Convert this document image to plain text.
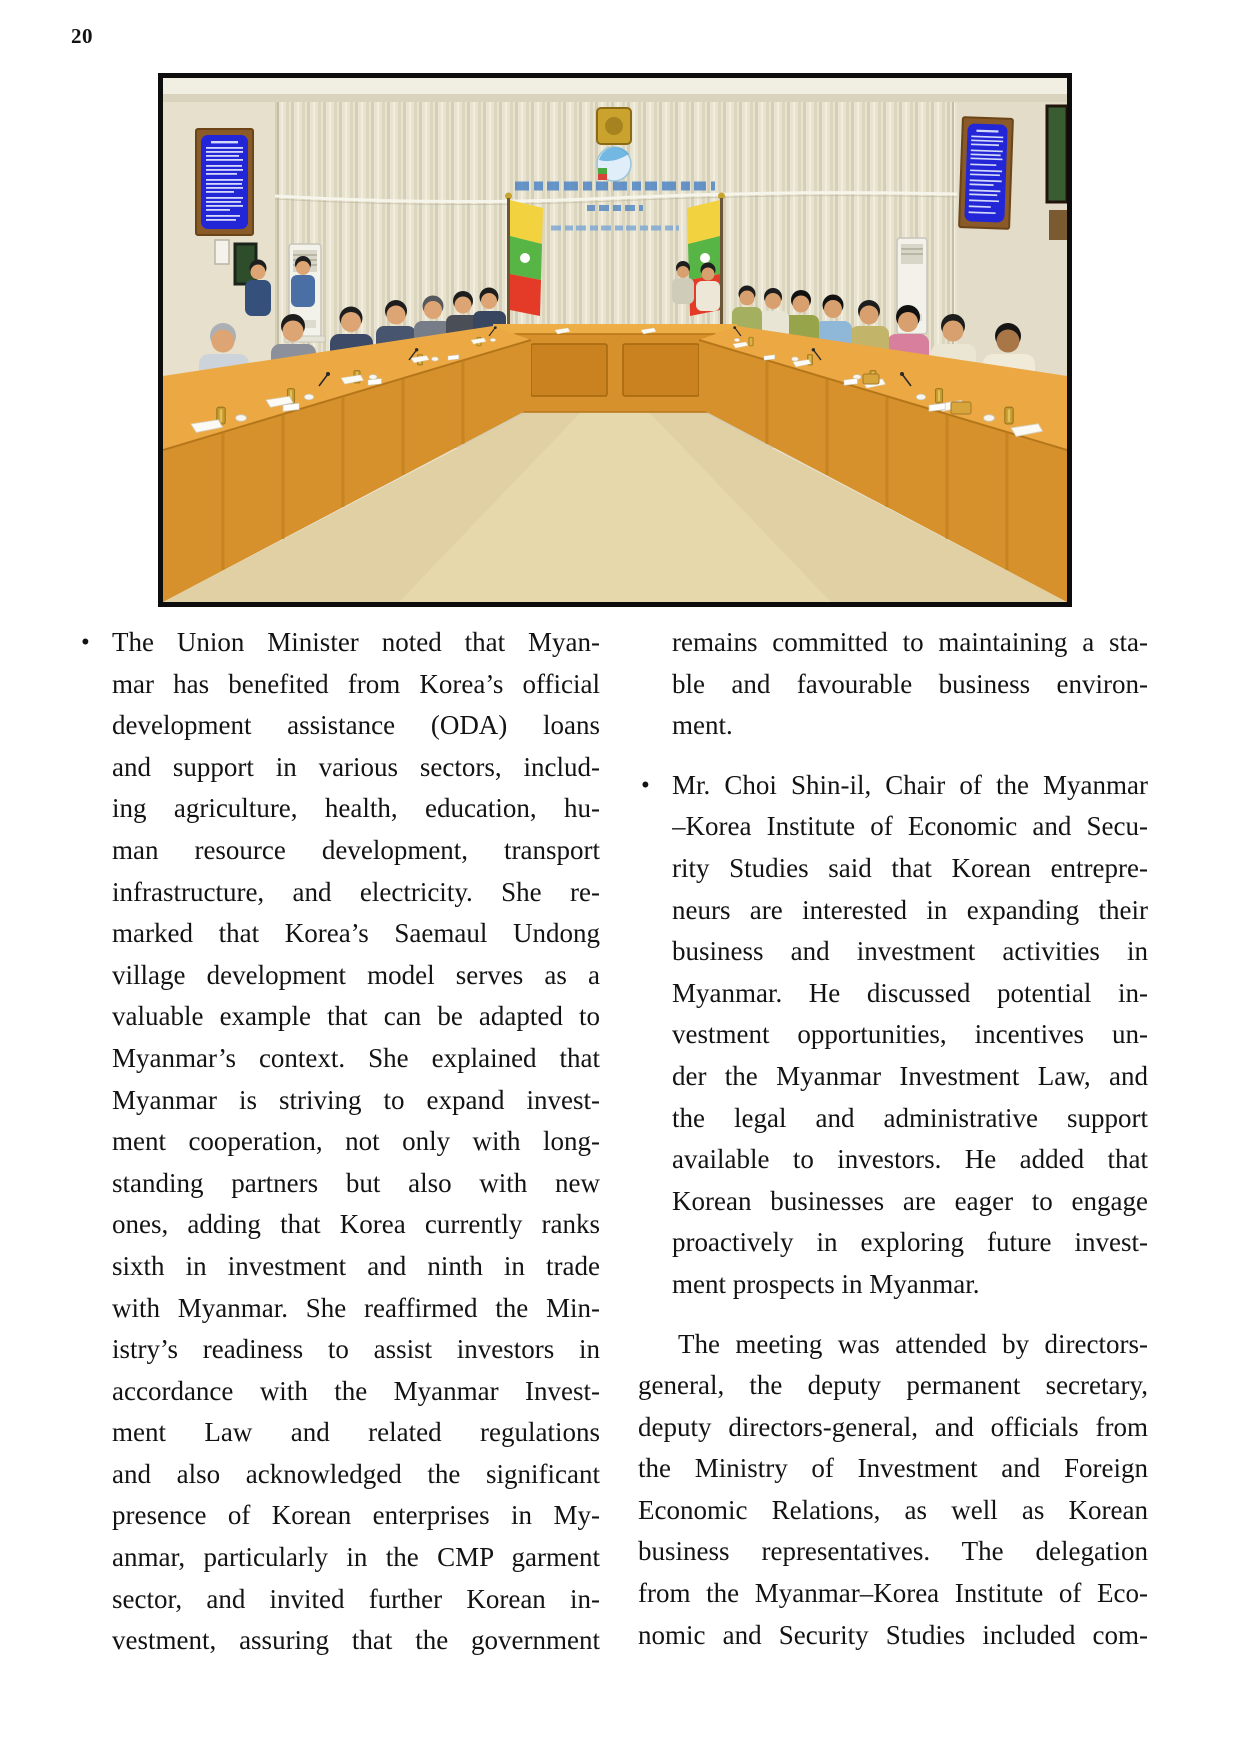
20
• The Union Minister noted that Myan-
mar has benefited from Korea’s official
development assistance (ODA) loans
and support in various sectors, includ-
ing agriculture, health, education, hu-
man resource development, transport
infrastructure, and electricity. She re-
marked that Korea’s Saemaul Undong
village development model serves as a
valuable example that can be adapted to
Myanmar’s context. She explained that
Myanmar is striving to expand invest-
ment cooperation, not only with long-
standing partners but also with new
ones, adding that Korea currently ranks
sixth in investment and ninth in trade
with Myanmar. She reaffirmed the Min-
istry’s readiness to assist investors in
accordance with the Myanmar Invest-
ment Law and related regulations
and also acknowledged the significant
presence of Korean enterprises in My-
anmar, particularly in the CMP garment
sector, and invited further Korean in-
vestment, assuring that the government
remains committed to maintaining a sta-
ble and favourable business environ-
ment.
• Mr. Choi Shin-il, Chair of the Myanmar
–Korea Institute of Economic and Secu-
rity Studies said that Korean entrepre-
neurs are interested in expanding their
business and investment activities in
Myanmar. He discussed potential in-
vestment opportunities, incentives un-
der the Myanmar Investment Law, and
the legal and administrative support
available to investors. He added that
Korean businesses are eager to engage
proactively in exploring future invest-
ment prospects in Myanmar.
The meeting was attended by directors-
general, the deputy permanent secretary,
deputy directors-general, and officials from
the Ministry of Investment and Foreign
Economic Relations, as well as Korean
business representatives. The delegation
from the Myanmar–Korea Institute of Eco-
nomic and Security Studies included com-
